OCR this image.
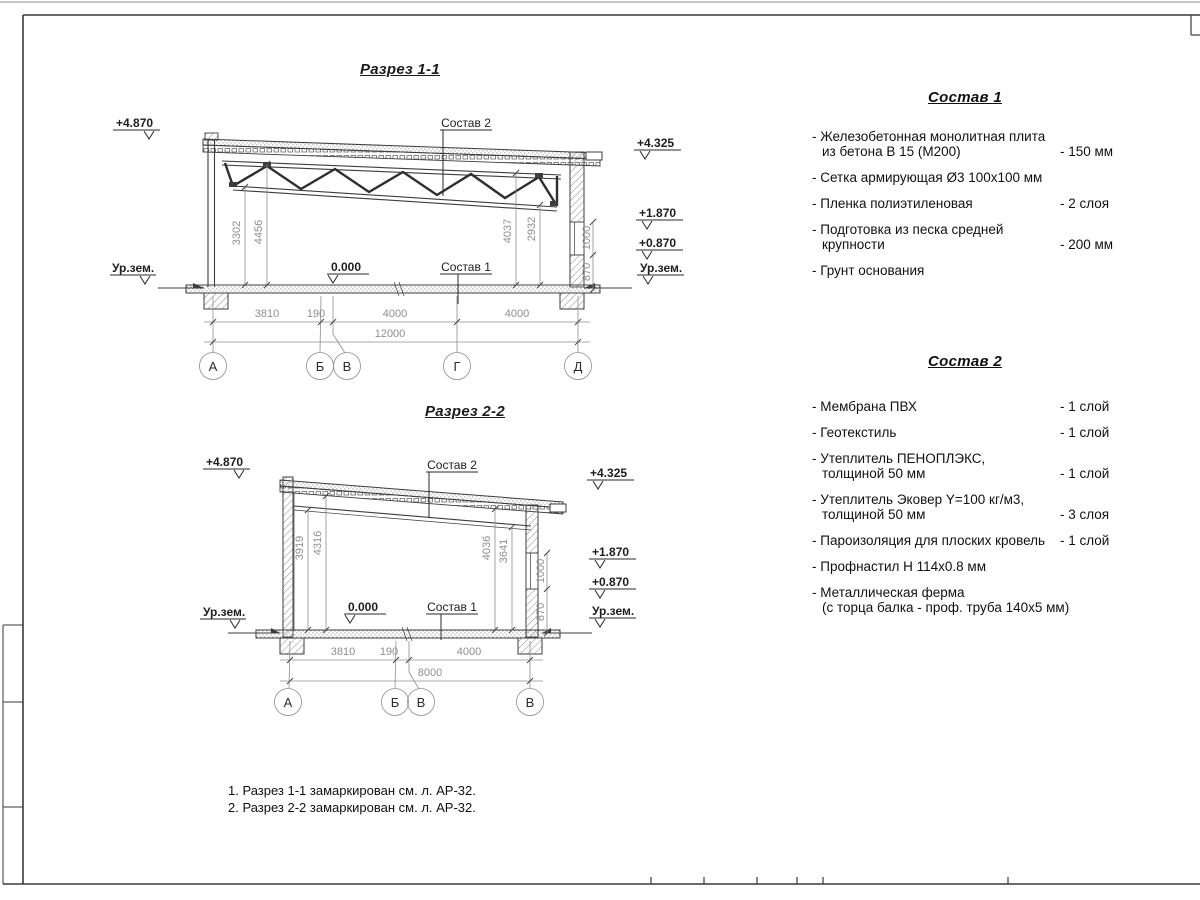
Разрез 1-1
Разрез 2-2
Состав 1
- Железобетонная монолитная плита
из бетона В 15 (М200)	- 150 мм
- Сетка армирующая Ø3 100х100 мм
- Пленка полиэтиленовая	- 2 слоя
- Подготовка из песка средней
крупности	- 200 мм
- Грунт основания
Состав 2
- Мембрана ПВХ	- 1 слой
- Геотекстиль	- 1 слой
- Утеплитель ПЕНОПЛЭКС,
толщиной 50 мм	- 1 слой
- Утеплитель Эковер Y=100 кг/м3,
толщиной 50 мм	- 3 слоя
- Пароизоляция для плоских кровель	- 1 слой
- Профнастил Н 114х0.8 мм
- Металлическая ферма
(с торца балка - проф. труба 140х5 мм)
1. Разрез 1-1 замаркирован см. л. АР-32.
2. Разрез 2-2 замаркирован см. л. АР-32.
Состав 2
Состав 1
0.000
+4.870
+4.325
+1.870
+0.870
Ур.зем.	Ур.зем.
3302 4456	4037 2932
870
1000
3810	190	4000	4000
12000
А	Б В	Г	Д
Состав 2
Состав 1
0.000
+4.870
+4.325
+1.870
+0.870
Ур.зем.	Ур.зем.
3919 4316	4036 3641
870
1000
3810 190	4000
8000
А	Б В	В
